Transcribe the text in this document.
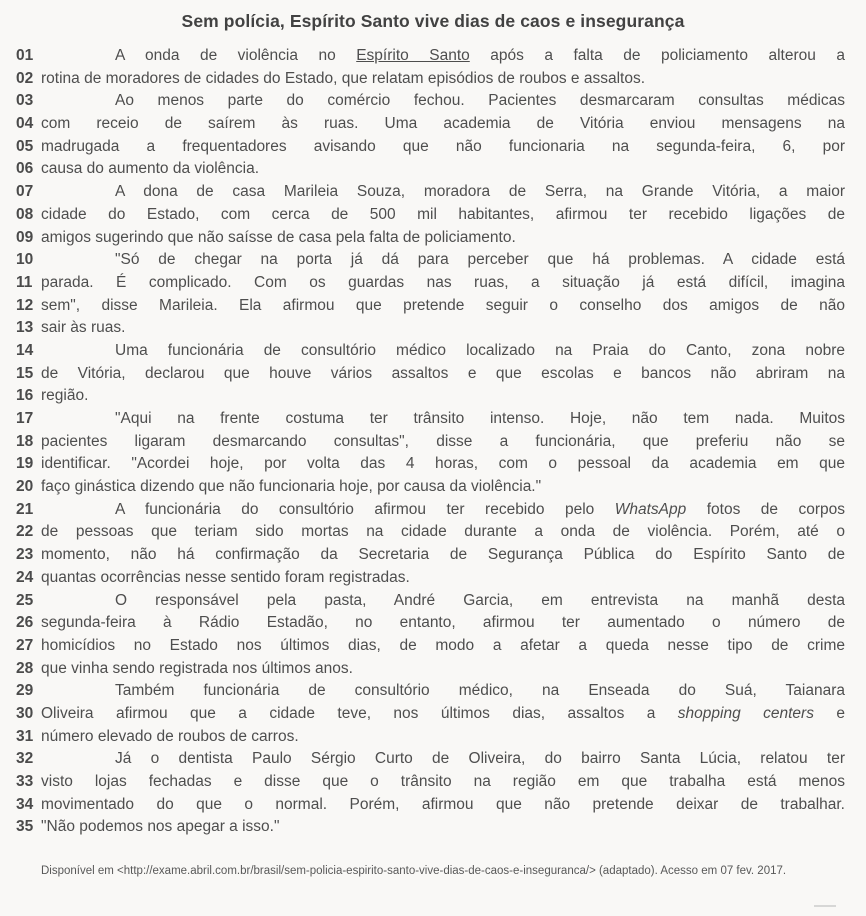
Sem polícia, Espírito Santo vive dias de caos e insegurança
01	A onda de violência no Espírito Santo após a falta de policiamento alterou a
02 rotina de moradores de cidades do Estado, que relatam episódios de roubos e assaltos.
03	Ao menos parte do comércio fechou. Pacientes desmarcaram consultas médicas
04 com receio de saírem às ruas. Uma academia de Vitória enviou mensagens na
05 madrugada a frequentadores avisando que não funcionaria na segunda-feira, 6, por
06 causa do aumento da violência.
07	A dona de casa Marileia Souza, moradora de Serra, na Grande Vitória, a maior
08 cidade do Estado, com cerca de 500 mil habitantes, afirmou ter recebido ligações de
09 amigos sugerindo que não saísse de casa pela falta de policiamento.
10	"Só de chegar na porta já dá para perceber que há problemas. A cidade está
11 parada. É complicado. Com os guardas nas ruas, a situação já está difícil, imagina
12 sem", disse Marileia. Ela afirmou que pretende seguir o conselho dos amigos de não
13 sair às ruas.
14	Uma funcionária de consultório médico localizado na Praia do Canto, zona nobre
15 de Vitória, declarou que houve vários assaltos e que escolas e bancos não abriram na
16 região.
17	"Aqui na frente costuma ter trânsito intenso. Hoje, não tem nada. Muitos
18 pacientes ligaram desmarcando consultas", disse a funcionária, que preferiu não se
19 identificar. "Acordei hoje, por volta das 4 horas, com o pessoal da academia em que
20 faço ginástica dizendo que não funcionaria hoje, por causa da violência."
21	A funcionária do consultório afirmou ter recebido pelo WhatsApp fotos de corpos
22 de pessoas que teriam sido mortas na cidade durante a onda de violência. Porém, até o
23 momento, não há confirmação da Secretaria de Segurança Pública do Espírito Santo de
24 quantas ocorrências nesse sentido foram registradas.
25	O responsável pela pasta, André Garcia, em entrevista na manhã desta
26 segunda-feira à Rádio Estadão, no entanto, afirmou ter aumentado o número de
27 homicídios no Estado nos últimos dias, de modo a afetar a queda nesse tipo de crime
28 que vinha sendo registrada nos últimos anos.
29	Também funcionária de consultório médico, na Enseada do Suá, Taianara
30 Oliveira afirmou que a cidade teve, nos últimos dias, assaltos a shopping centers e
31 número elevado de roubos de carros.
32	Já o dentista Paulo Sérgio Curto de Oliveira, do bairro Santa Lúcia, relatou ter
33 visto lojas fechadas e disse que o trânsito na região em que trabalha está menos
34 movimentado do que o normal. Porém, afirmou que não pretende deixar de trabalhar.
35 "Não podemos nos apegar a isso."
Disponível em <http://exame.abril.com.br/brasil/sem-policia-espirito-santo-vive-dias-de-caos-e-inseguranca/> (adaptado). Acesso em 07 fev. 2017.
